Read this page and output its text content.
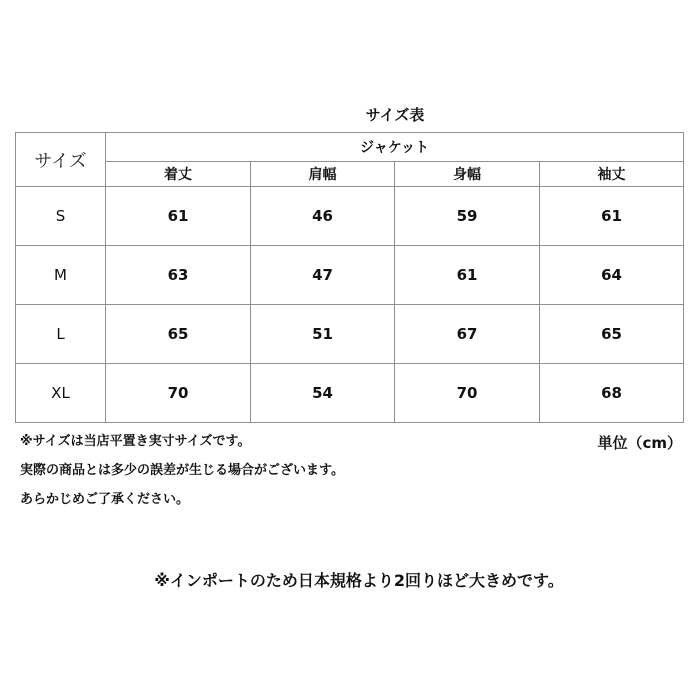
サイズ表
サイズ	ジャケット			
	着丈	肩幅	身幅	袖丈
S	61	46	59	61
M	63	47	61	64
L	65	51	67	65
XL	70	54	70	68
※サイズは当店平置き実寸サイズです。	単位（cm）
実際の商品とは多少の誤差が生じる場合がございます。
あらかじめご了承ください。
※インポートのため日本規格より2回りほど大きめです。
